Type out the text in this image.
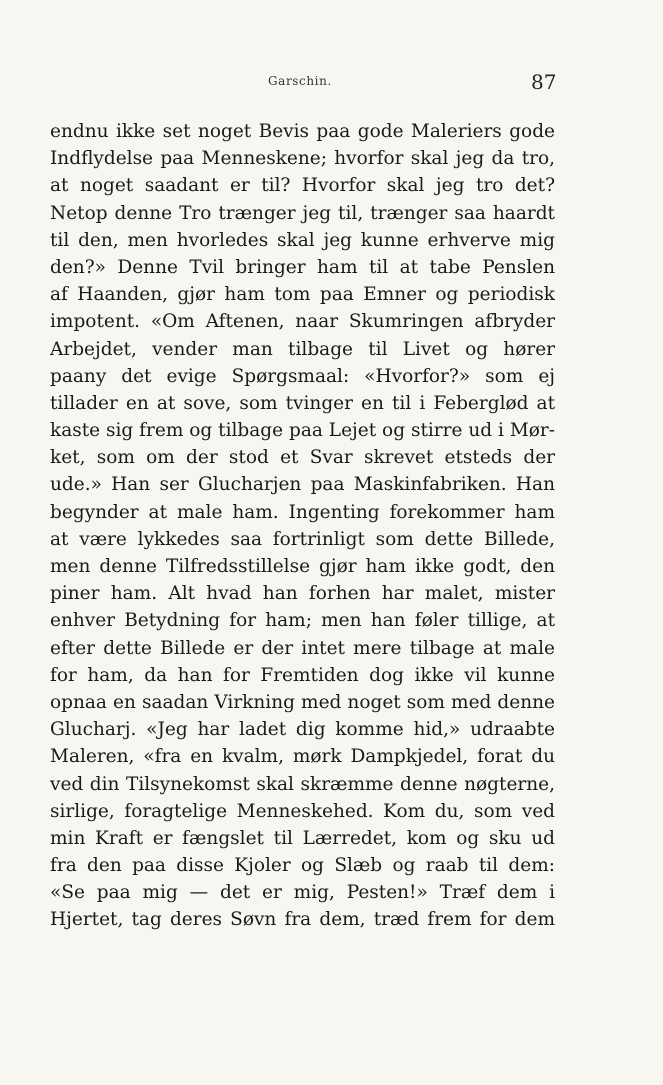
Garschin.	87
endnu ikke set noget Bevis paa gode Maleriers gode
Indflydelse paa Menneskene; hvorfor skal jeg da tro,
at noget saadant er til? Hvorfor skal jeg tro det?
Netop denne Tro trænger jeg til, trænger saa haardt
til den, men hvorledes skal jeg kunne erhverve mig
den?» Denne Tvil bringer ham til at tabe Penslen
af Haanden, gjør ham tom paa Emner og periodisk
impotent. «Om Aftenen, naar Skumringen afbryder
Arbejdet, vender man tilbage til Livet og hører
paany det evige Spørgsmaal: «Hvorfor?» som ej
tillader en at sove, som tvinger en til i Feberglød at
kaste sig frem og tilbage paa Lejet og stirre ud i Mør-
ket, som om der stod et Svar skrevet etsteds der
ude.» Han ser Glucharjen paa Maskinfabriken. Han
begynder at male ham. Ingenting forekommer ham
at være lykkedes saa fortrinligt som dette Billede,
men denne Tilfredsstillelse gjør ham ikke godt, den
piner ham. Alt hvad han forhen har malet, mister
enhver Betydning for ham; men han føler tillige, at
efter dette Billede er der intet mere tilbage at male
for ham, da han for Fremtiden dog ikke vil kunne
opnaa en saadan Virkning med noget som med denne
Glucharj. «Jeg har ladet dig komme hid,» udraabte
Maleren, «fra en kvalm, mørk Dampkjedel, forat du
ved din Tilsynekomst skal skræmme denne nøgterne,
sirlige, foragtelige Menneskehed. Kom du, som ved
min Kraft er fængslet til Lærredet, kom og sku ud
fra den paa disse Kjoler og Slæb og raab til dem:
«Se paa mig — det er mig, Pesten!» Træf dem i
Hjertet, tag deres Søvn fra dem, træd frem for dem
